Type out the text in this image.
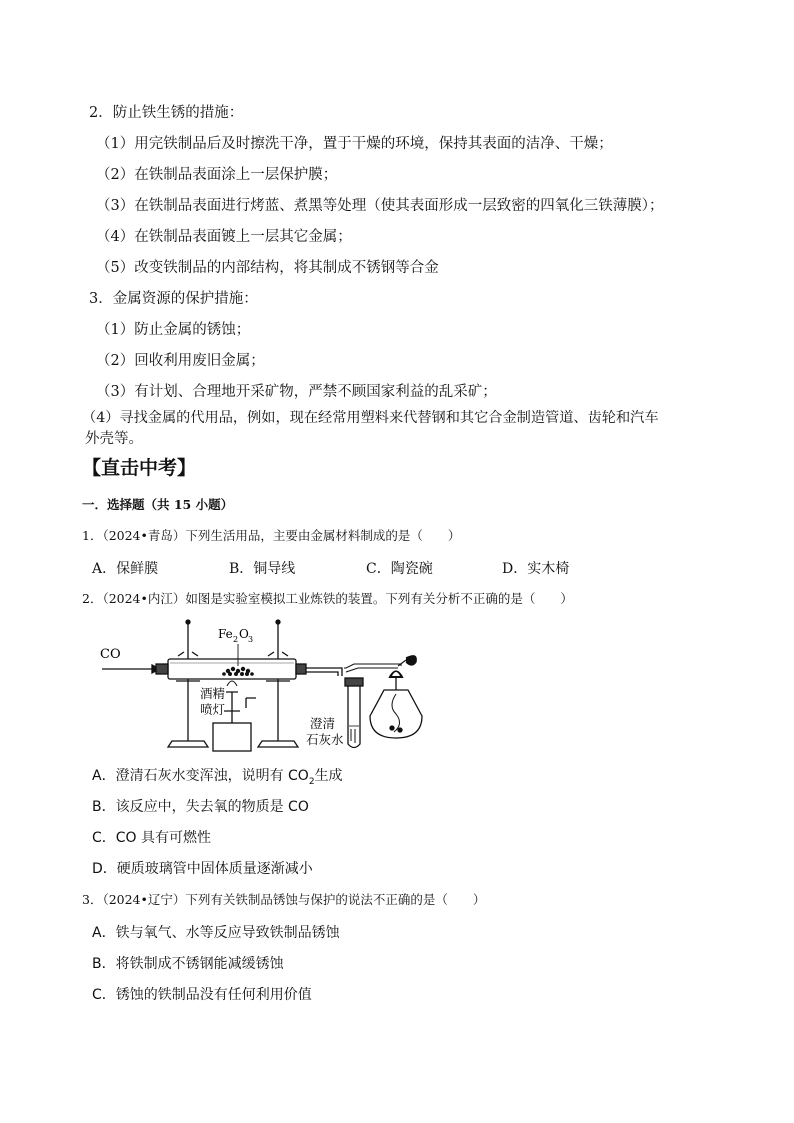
2．防止铁生锈的措施：
（1）用完铁制品后及时擦洗干净，置于干燥的环境，保持其表面的洁净、干燥；
（2）在铁制品表面涂上一层保护膜；
（3）在铁制品表面进行烤蓝、煮黑等处理（使其表面形成一层致密的四氧化三铁薄膜）；
（4）在铁制品表面镀上一层其它金属；
（5）改变铁制品的内部结构，将其制成不锈钢等合金
3．金属资源的保护措施：
（1）防止金属的锈蚀；
（2）回收利用废旧金属；
（3）有计划、合理地开采矿物，严禁不顾国家利益的乱采矿；
（4）寻找金属的代用品，例如，现在经常用塑料来代替钢和其它合金制造管道、齿轮和汽车
外壳等。
【直击中考】
一．选择题（共 15 小题）
1．（2024•青岛）下列生活用品，主要由金属材料制成的是（　　）
A．保鲜膜	B．铜导线	C．陶瓷碗	D．实木椅
2．（2024•内江）如图是实验室模拟工业炼铁的装置。下列有关分析不正确的是（　　）
CO
Fe 2 O 3
酒精
喷灯
澄清
石灰水
A．澄清石灰水变浑浊，说明有 $CO_2$生成
B．该反应中，失去氧的物质是 CO
C．CO 具有可燃性
D．硬质玻璃管中固体质量逐渐减小
3．（2024•辽宁）下列有关铁制品锈蚀与保护的说法不正确的是（　　）
A．铁与氧气、水等反应导致铁制品锈蚀
B．将铁制成不锈钢能减缓锈蚀
C．锈蚀的铁制品没有任何利用价值
